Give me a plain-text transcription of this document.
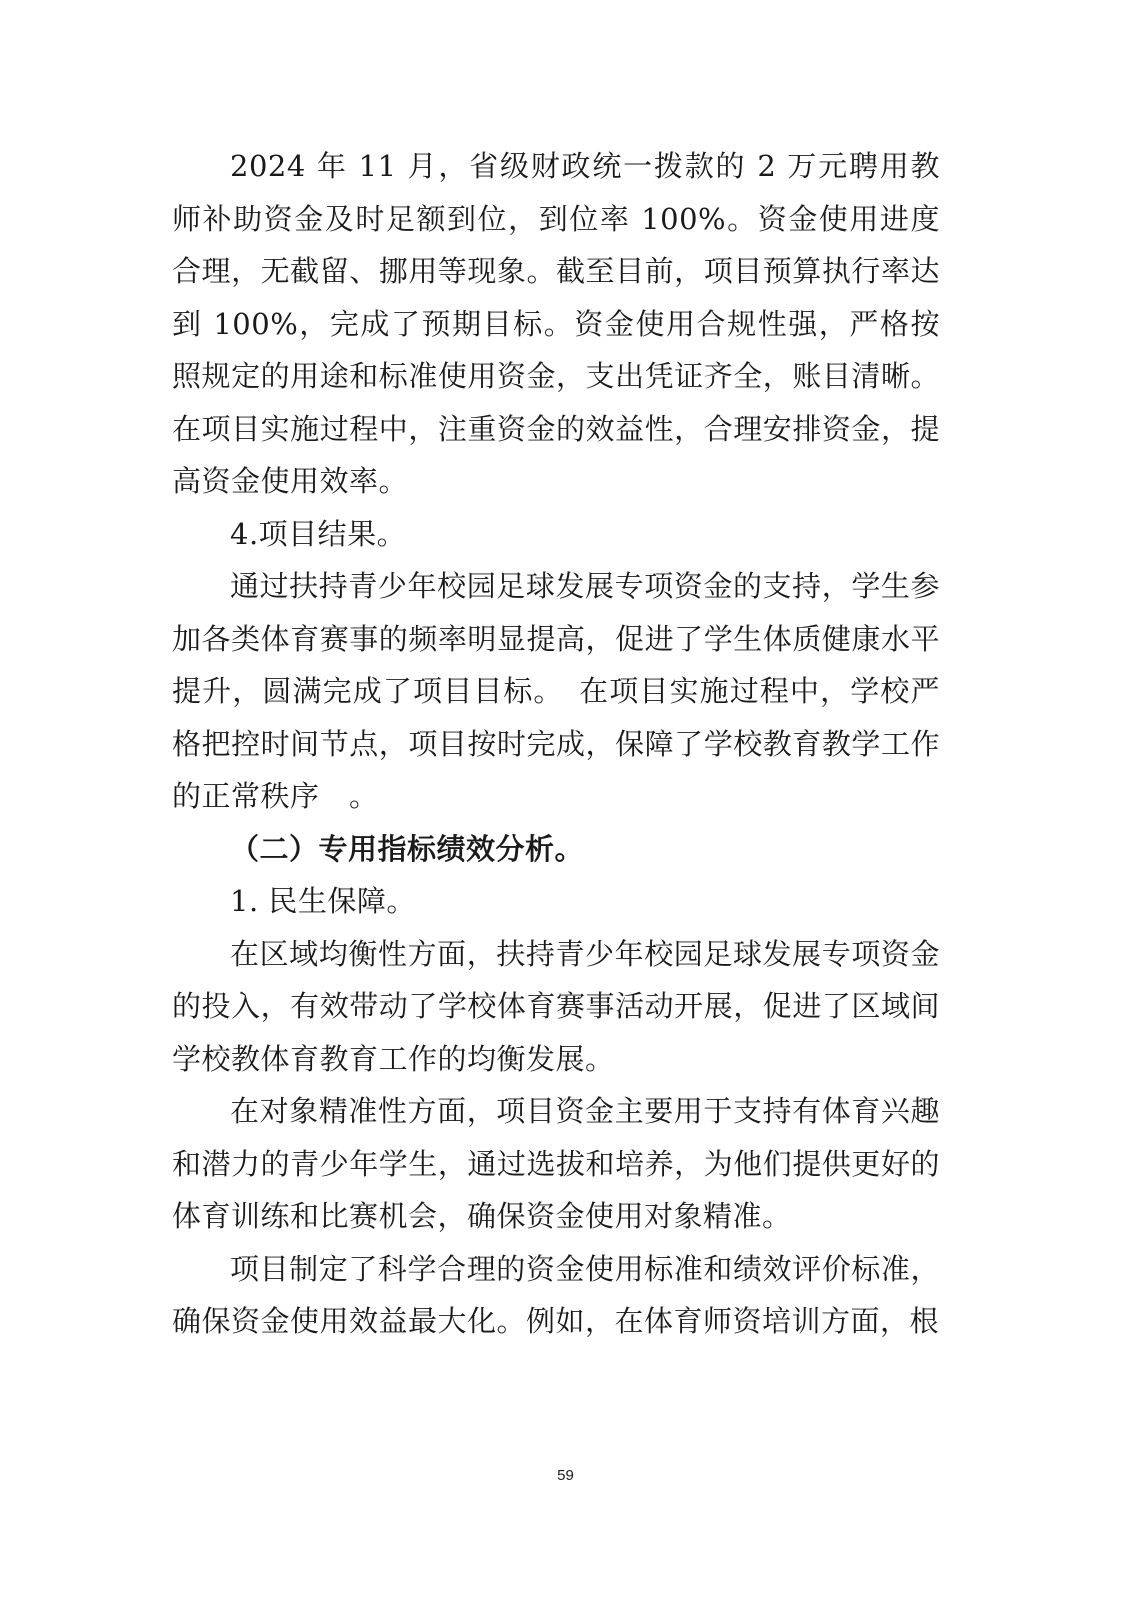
2024 年 11 月，省级财政统一拨款的 2 万元聘用教师补助资金及时足额到位，到位率 100%。资金使用进度合理，无截留、挪用等现象。截至目前，项目预算执行率达到 100%，完成了预期目标。资金使用合规性强，严格按照规定的用途和标准使用资金，支出凭证齐全，账目清晰。在项目实施过程中，注重资金的效益性，合理安排资金，提高资金使用效率。

4.项目结果。

通过扶持青少年校园足球发展专项资金的支持，学生参加各类体育赛事的频率明显提高，促进了学生体质健康水平提升，圆满完成了项目目标。　在项目实施过程中，学校严格把控时间节点，项目按时完成，保障了学校教育教学工作的正常秩序　。

（二）专用指标绩效分析。

1. 民生保障。

在区域均衡性方面，扶持青少年校园足球发展专项资金的投入，有效带动了学校体育赛事活动开展，促进了区域间学校教体育教育工作的均衡发展。

在对象精准性方面，项目资金主要用于支持有体育兴趣和潜力的青少年学生，通过选拔和培养，为他们提供更好的体育训练和比赛机会，确保资金使用对象精准。

项目制定了科学合理的资金使用标准和绩效评价标准，确保资金使用效益最大化。例如，在体育师资培训方面，根

59
